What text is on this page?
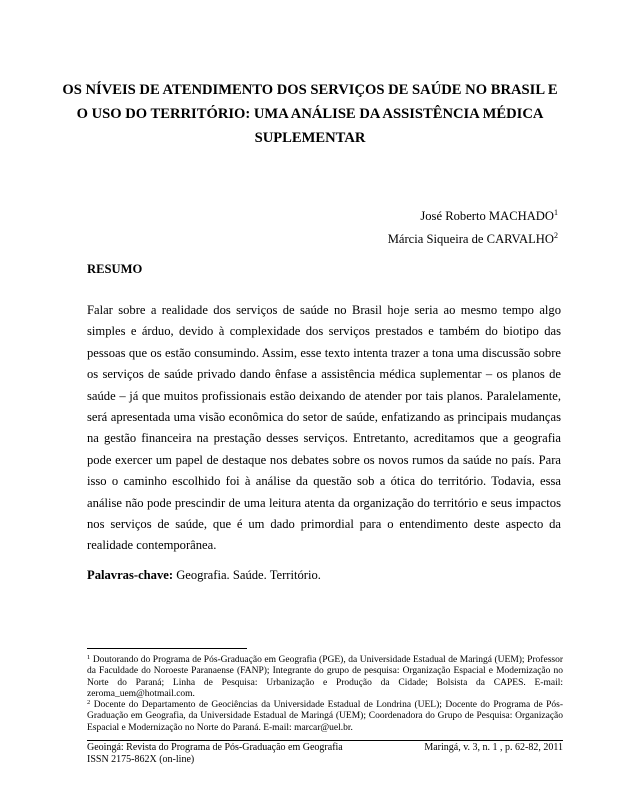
OS NÍVEIS DE ATENDIMENTO DOS SERVIÇOS DE SAÚDE NO BRASIL E O USO DO TERRITÓRIO: UMA ANÁLISE DA ASSISTÊNCIA MÉDICA SUPLEMENTAR
José Roberto MACHADO$^1$
Márcia Siqueira de CARVALHO$^2$
RESUMO
Falar sobre a realidade dos serviços de saúde no Brasil hoje seria ao mesmo tempo algo simples e árduo, devido à complexidade dos serviços prestados e também do biotipo das pessoas que os estão consumindo. Assim, esse texto intenta trazer a tona uma discussão sobre os serviços de saúde privado dando ênfase a assistência médica suplementar – os planos de saúde – já que muitos profissionais estão deixando de atender por tais planos. Paralelamente, será apresentada uma visão econômica do setor de saúde, enfatizando as principais mudanças na gestão financeira na prestação desses serviços. Entretanto, acreditamos que a geografia pode exercer um papel de destaque nos debates sobre os novos rumos da saúde no país. Para isso o caminho escolhido foi à análise da questão sob a ótica do território. Todavia, essa análise não pode prescindir de uma leitura atenta da organização do território e seus impactos nos serviços de saúde, que é um dado primordial para o entendimento deste aspecto da realidade contemporânea.
Palavras-chave: Geografia. Saúde. Território.

$^1$ Doutorando do Programa de Pós-Graduação em Geografia (PGE), da Universidade Estadual de Maringá (UEM); Professor da Faculdade do Noroeste Paranaense (FANP); Integrante do grupo de pesquisa: Organização Espacial e Modernização no Norte do Paraná; Linha de Pesquisa: Urbanização e Produção da Cidade; Bolsista da CAPES. E-mail: zeroma_uem@hotmail.com.

$^2$ Docente do Departamento de Geociências da Universidade Estadual de Londrina (UEL); Docente do Programa de Pós-Graduação em Geografia, da Universidade Estadual de Maringá (UEM); Coordenadora do Grupo de Pesquisa: Organização Espacial e Modernização no Norte do Paraná. E-mail: marcar@uel.br.

Geoingá: Revista do Programa de Pós-Graduação em Geografia	Maringá, v. 3, n. 1 , p. 62-82, 2011
ISSN 2175-862X (on-line)
